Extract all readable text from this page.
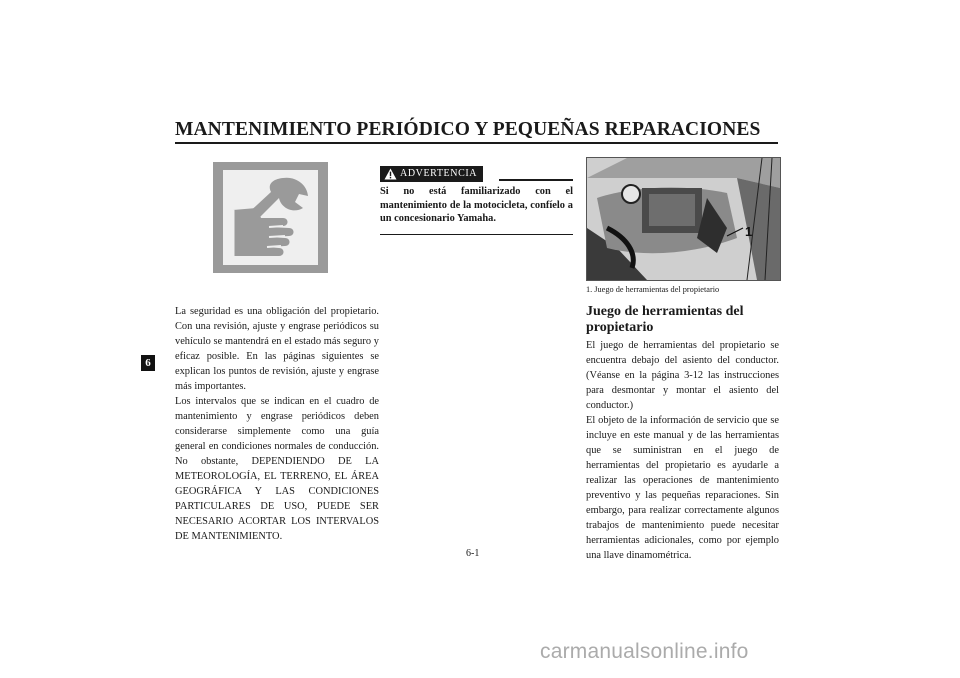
MANTENIMIENTO PERIÓDICO Y PEQUEÑAS REPARACIONES
6
La seguridad es una obligación del propietario. Con una revisión, ajuste y engrase periódicos su vehículo se mantendrá en el estado más seguro y eficaz posible. En las páginas siguientes se explican los puntos de revisión, ajuste y engrase más importantes.
Los intervalos que se indican en el cuadro de mantenimiento y engrase periódicos deben considerarse simplemente como una guía general en condiciones normales de conducción. No obstante, DEPENDIENDO DE LA METEOROLOGÍA, EL TERRENO, EL ÁREA GEOGRÁFICA Y LAS CONDICIONES PARTICULARES DE USO, PUEDE SER NECESARIO ACORTAR LOS INTERVALOS DE MANTENIMIENTO.
ADVERTENCIA
Si no está familiarizado con el mantenimiento de la motocicleta, confíelo a un concesionario Yamaha.
1
1. Juego de herramientas del propietario
Juego de herramientas del propietario
El juego de herramientas del propietario se encuentra debajo del asiento del conductor. (Véanse en la página 3-12 las instrucciones para desmontar y montar el asiento del conductor.)
El objeto de la información de servicio que se incluye en este manual y de las herramientas que se suministran en el juego de herramientas del propietario es ayudarle a realizar las operaciones de mantenimiento preventivo y las pequeñas reparaciones. Sin embargo, para realizar correctamente algunos trabajos de mantenimiento puede necesitar herramientas adicionales, como por ejemplo una llave dinamométrica.
6-1
carmanualsonline.info
